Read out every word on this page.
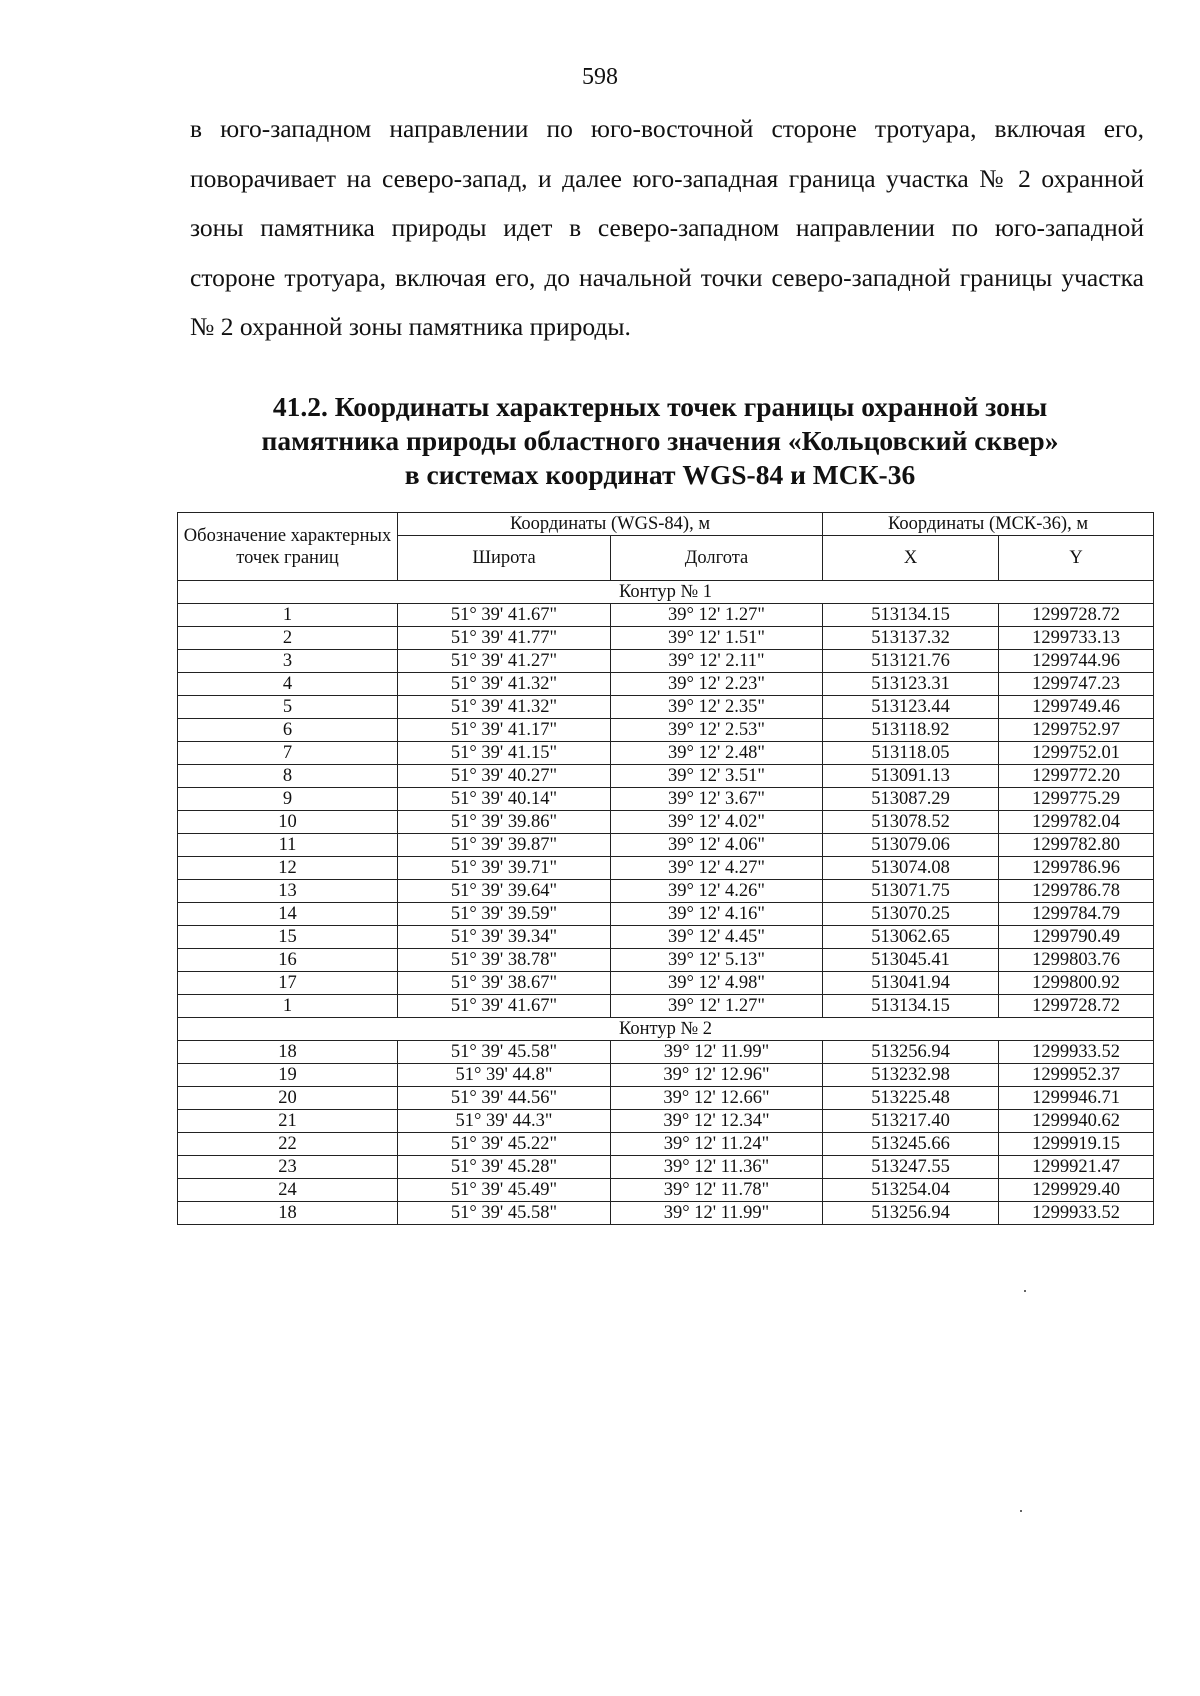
598

в юго-западном направлении по юго-восточной стороне тротуара, включая его, поворачивает на северо-запад, и далее юго-западная граница участка № 2 охранной зоны памятника природы идет в северо-западном направлении по юго-западной стороне тротуара, включая его, до начальной точки северо-западной границы участка № 2 охранной зоны памятника природы.

41.2. Координаты характерных точек границы охранной зоны
памятника природы областного значения «Кольцовский сквер»
в системах координат WGS-84 и МСК-36
Обозначение характерных точек границ	Координаты (WGS-84), м		Координаты (МСК-36), м	
	Широта	Долгота	X	Y
Контур № 1				
1	51° 39' 41.67"	39° 12' 1.27"	513134.15	1299728.72
2	51° 39' 41.77"	39° 12' 1.51"	513137.32	1299733.13
3	51° 39' 41.27"	39° 12' 2.11"	513121.76	1299744.96
4	51° 39' 41.32"	39° 12' 2.23"	513123.31	1299747.23
5	51° 39' 41.32"	39° 12' 2.35"	513123.44	1299749.46
6	51° 39' 41.17"	39° 12' 2.53"	513118.92	1299752.97
7	51° 39' 41.15"	39° 12' 2.48"	513118.05	1299752.01
8	51° 39' 40.27"	39° 12' 3.51"	513091.13	1299772.20
9	51° 39' 40.14"	39° 12' 3.67"	513087.29	1299775.29
10	51° 39' 39.86"	39° 12' 4.02"	513078.52	1299782.04
11	51° 39' 39.87"	39° 12' 4.06"	513079.06	1299782.80
12	51° 39' 39.71"	39° 12' 4.27"	513074.08	1299786.96
13	51° 39' 39.64"	39° 12' 4.26"	513071.75	1299786.78
14	51° 39' 39.59"	39° 12' 4.16"	513070.25	1299784.79
15	51° 39' 39.34"	39° 12' 4.45"	513062.65	1299790.49
16	51° 39' 38.78"	39° 12' 5.13"	513045.41	1299803.76
17	51° 39' 38.67"	39° 12' 4.98"	513041.94	1299800.92
1	51° 39' 41.67"	39° 12' 1.27"	513134.15	1299728.72
Контур № 2				
18	51° 39' 45.58"	39° 12' 11.99"	513256.94	1299933.52
19	51° 39' 44.8"	39° 12' 12.96"	513232.98	1299952.37
20	51° 39' 44.56"	39° 12' 12.66"	513225.48	1299946.71
21	51° 39' 44.3"	39° 12' 12.34"	513217.40	1299940.62
22	51° 39' 45.22"	39° 12' 11.24"	513245.66	1299919.15
23	51° 39' 45.28"	39° 12' 11.36"	513247.55	1299921.47
24	51° 39' 45.49"	39° 12' 11.78"	513254.04	1299929.40
18	51° 39' 45.58"	39° 12' 11.99"	513256.94	1299933.52
